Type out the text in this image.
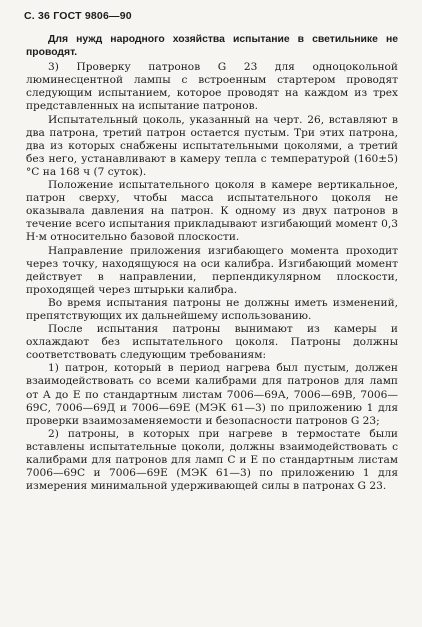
С. 36 ГОСТ 9806—90

Для нужд народного хозяйства испытание в светильнике не проводят.

3) Проверку патронов G 23 для одноцокольной люминесцентной лампы с встроенным стартером проводят следующим испытанием, которое проводят на каждом из трех представленных на испытание патронов.

Испытательный цоколь, указанный на черт. 26, вставляют в два патрона, третий патрон остается пустым. Три этих патрона, два из которых снабжены испытательными цоколями, а третий без него, устанавливают в камеру тепла с температурой (160±5) °С на 168 ч (7 суток).

Положение испытательного цоколя в камере вертикальное, патрон сверху, чтобы масса испытательного цоколя не оказывала давления на патрон. К одному из двух патронов в течение всего испытания прикладывают изгибающий момент 0,3 Н·м относительно базовой плоскости.

Направление приложения изгибающего момента проходит через точку, находящуюся на оси калибра. Изгибающий момент действует в направлении, перпендикулярном плоскости, проходящей через штырьки калибра.

Во время испытания патроны не должны иметь изменений, препятствующих их дальнейшему использованию.

После испытания патроны вынимают из камеры и охлаждают без испытательного цоколя. Патроны должны соответствовать следующим требованиям:

1) патрон, который в период нагрева был пустым, должен взаимодействовать со всеми калибрами для патронов для ламп от А до Е по стандартным листам 7006—69А, 7006—69В, 7006—69С, 7006—69Д и 7006—69Е (МЭК 61—3) по приложению 1 для проверки взаимозаменяемости и безопасности патронов G 23;

2) патроны, в которых при нагреве в термостате были вставлены испытательные цоколи, должны взаимодействовать с калибрами для патронов для ламп С и Е по стандартным листам 7006—69С и 7006—69Е (МЭК 61—3) по приложению 1 для измерения минимальной удерживающей силы в патронах G 23.
